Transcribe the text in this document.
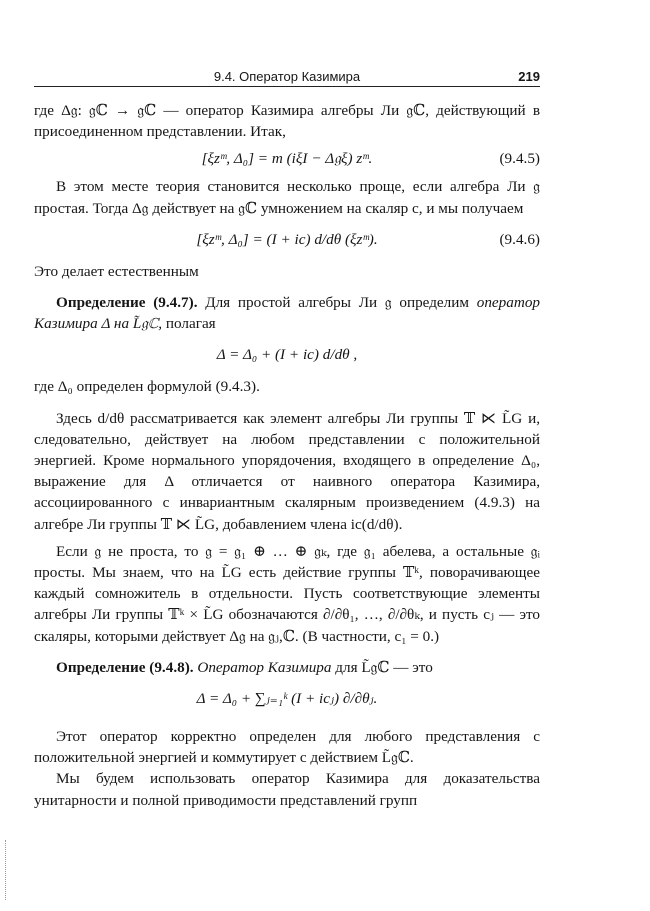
9.4. Оператор Казимира	219

где Δ𝔤: 𝔤ℂ → 𝔤ℂ — оператор Казимира алгебры Ли 𝔤ℂ, действующий в присоединенном представлении. Итак,

[ξzᵐ, Δ₀] = m (iξI − Δ𝔤ξ) zᵐ.	(9.4.5)

В этом месте теория становится несколько проще, если алгебра Ли 𝔤 простая. Тогда Δ𝔤 действует на 𝔤ℂ умножением на скаляр c, и мы получаем

[ξzᵐ, Δ₀] = (I + ic) d/dθ (ξzᵐ).	(9.4.6)

Это делает естественным

Определение (9.4.7). Для простой алгебры Ли 𝔤 определим оператор Казимира Δ на L̃𝔤ℂ, полагая

Δ = Δ₀ + (I + ic) d/dθ ,

где Δ₀ определен формулой (9.4.3).

Здесь d/dθ рассматривается как элемент алгебры Ли группы 𝕋 ⋉ L̃G и, следовательно, действует на любом представлении с положительной энергией. Кроме нормального упорядочения, входящего в определение Δ₀, выражение для Δ отличается от наивного оператора Казимира, ассоциированного с инвариантным скалярным произведением (4.9.3) на алгебре Ли группы 𝕋 ⋉ L̃G, добавлением члена ic(d/dθ).

Если 𝔤 не проста, то 𝔤 = 𝔤₁ ⊕ … ⊕ 𝔤ₖ, где 𝔤₁ абелева, а остальные 𝔤ᵢ просты. Мы знаем, что на L̃G есть действие группы 𝕋ᵏ, поворачивающее каждый сомножитель в отдельности. Пусть соответствующие элементы алгебры Ли группы 𝕋ᵏ × L̃G обозначаются ∂/∂θ₁, …, ∂/∂θₖ, и пусть cⱼ — это скаляры, которыми действует Δ𝔤 на 𝔤ⱼ,ℂ. (В частности, c₁ = 0.)

Определение (9.4.8). Оператор Казимира для L̃𝔤ℂ — это

Δ = Δ₀ + ∑ⱼ₌₁ᵏ (I + icⱼ) ∂/∂θⱼ.

Этот оператор корректно определен для любого представления с положительной энергией и коммутирует с действием L̃𝔤ℂ.

Мы будем использовать оператор Казимира для доказательства унитарности и полной приводимости представлений групп
